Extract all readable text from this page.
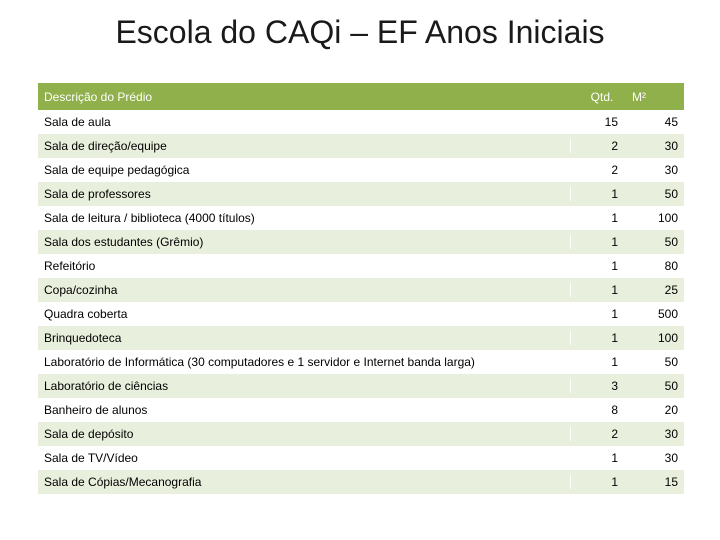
Escola do CAQi – EF Anos Iniciais
Descrição do Prédio	Qtd.	M²
Sala de aula	15	45
Sala de direção/equipe	2	30
Sala de equipe pedagógica	2	30
Sala de professores	1	50
Sala de leitura / biblioteca (4000 títulos)	1	100
Sala dos estudantes (Grêmio)	1	50
Refeitório	1	80
Copa/cozinha	1	25
Quadra coberta	1	500
Brinquedoteca	1	100
Laboratório de Informática (30 computadores e 1 servidor e Internet banda larga)	1	50
Laboratório de ciências	3	50
Banheiro de alunos	8	20
Sala de depósito	2	30
Sala de TV/Vídeo	1	30
Sala de Cópias/Mecanografia	1	15
